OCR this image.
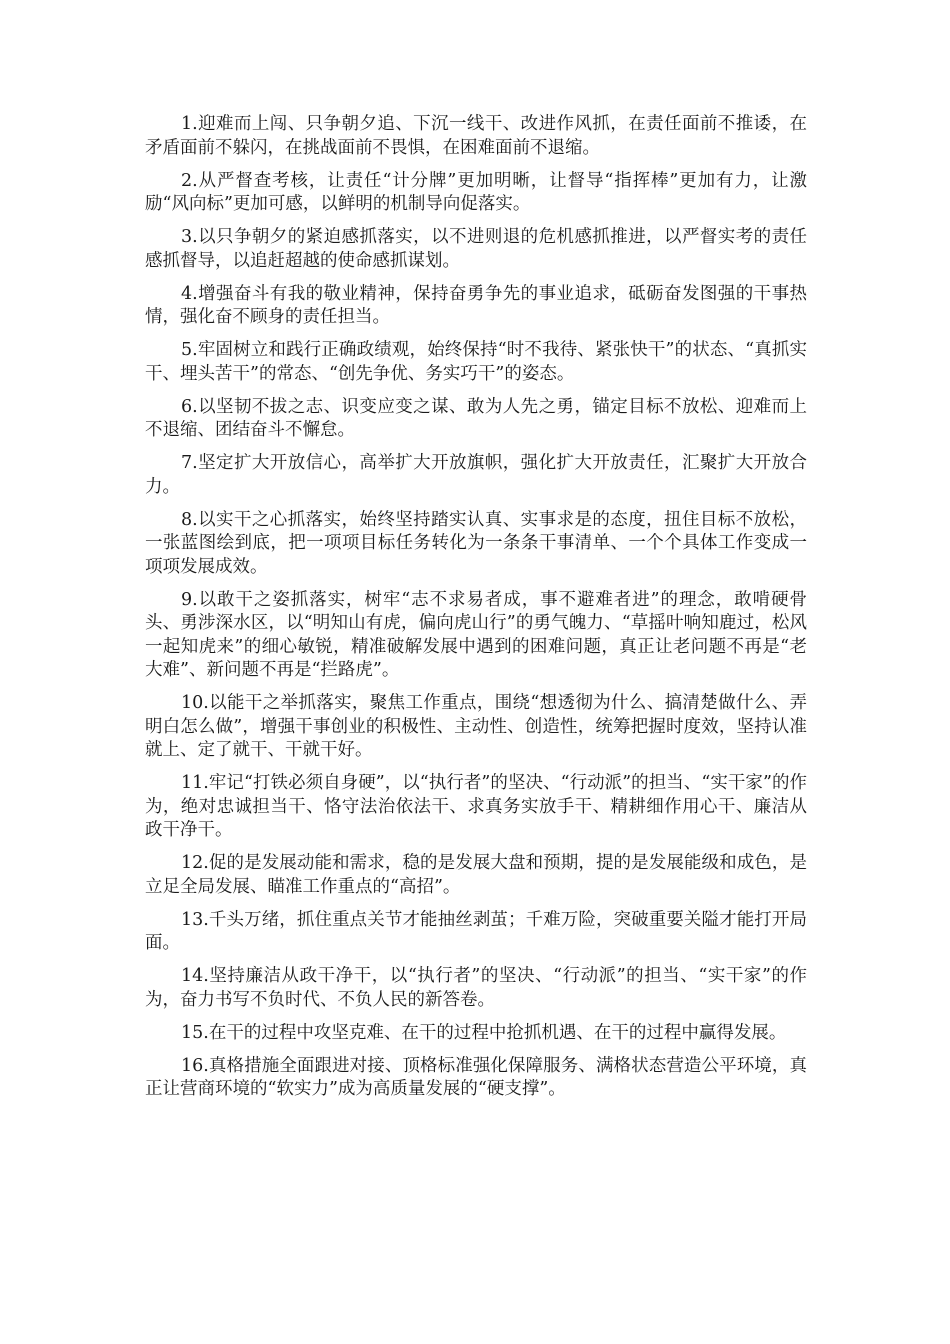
1.迎难而上闯、只争朝夕追、下沉一线干、改进作风抓，在责任面前不推诿，在矛盾面前不躲闪，在挑战面前不畏惧，在困难面前不退缩。

2.从严督查考核，让责任“计分牌”更加明晰，让督导“指挥棒”更加有力，让激励“风向标”更加可感，以鲜明的机制导向促落实。

3.以只争朝夕的紧迫感抓落实，以不进则退的危机感抓推进，以严督实考的责任感抓督导，以追赶超越的使命感抓谋划。

4.增强奋斗有我的敬业精神，保持奋勇争先的事业追求，砥砺奋发图强的干事热情，强化奋不顾身的责任担当。

5.牢固树立和践行正确政绩观，始终保持“时不我待、紧张快干”的状态、“真抓实干、埋头苦干”的常态、“创先争优、务实巧干”的姿态。

6.以坚韧不拔之志、识变应变之谋、敢为人先之勇，锚定目标不放松、迎难而上不退缩、团结奋斗不懈怠。

7.坚定扩大开放信心，高举扩大开放旗帜，强化扩大开放责任，汇聚扩大开放合力。

8.以实干之心抓落实，始终坚持踏实认真、实事求是的态度，扭住目标不放松，一张蓝图绘到底，把一项项目标任务转化为一条条干事清单、一个个具体工作变成一项项发展成效。

9.以敢干之姿抓落实，树牢“志不求易者成，事不避难者进”的理念，敢啃硬骨头、勇涉深水区，以“明知山有虎，偏向虎山行”的勇气魄力、“草摇叶响知鹿过，松风一起知虎来”的细心敏锐，精准破解发展中遇到的困难问题，真正让老问题不再是“老大难”、新问题不再是“拦路虎”。

10.以能干之举抓落实，聚焦工作重点，围绕“想透彻为什么、搞清楚做什么、弄明白怎么做”，增强干事创业的积极性、主动性、创造性，统筹把握时度效，坚持认准就上、定了就干、干就干好。

11.牢记“打铁必须自身硬”，以“执行者”的坚决、“行动派”的担当、“实干家”的作为，绝对忠诚担当干、恪守法治依法干、求真务实放手干、精耕细作用心干、廉洁从政干净干。

12.促的是发展动能和需求，稳的是发展大盘和预期，提的是发展能级和成色，是立足全局发展、瞄准工作重点的“高招”。

13.千头万绪，抓住重点关节才能抽丝剥茧；千难万险，突破重要关隘才能打开局面。

14.坚持廉洁从政干净干，以“执行者”的坚决、“行动派”的担当、“实干家”的作为，奋力书写不负时代、不负人民的新答卷。

15.在干的过程中攻坚克难、在干的过程中抢抓机遇、在干的过程中赢得发展。

16.真格措施全面跟进对接、顶格标准强化保障服务、满格状态营造公平环境，真正让营商环境的“软实力”成为高质量发展的“硬支撑”。
